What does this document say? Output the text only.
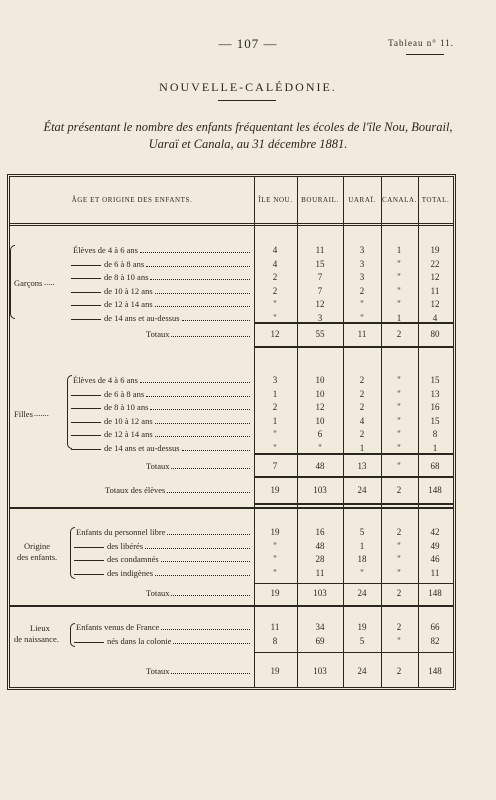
— 107 —	Tableau n° 11.
NOUVELLE-CALÉDONIE.
État présentant le nombre des enfants fréquentant les écoles de l'île Nou, Bourail,
Uaraï et Canala, au 31 décembre 1881.
ÂGE ET ORIGINE DES ENFANTS.	ÎLE NOU.	BOURAIL.	UARAÏ. CANALA. TOTAL.
Élèves de 4 à 6 ans	4	11	3	1	19
de 6 à 8 ans	4	15	3	"	22
de 8 à 10 ans	2	7	3	"	12
de 10 à 12 ans	2	7	2	"	11
de 12 à 14 ans	"	12	"	"	12
de 14 ans et au-dessus	"	3	"	1	4
Garçons .....
Totaux	12	55	11	2	80
Élèves de 4 à 6 ans	3	10	2	"	15
de 6 à 8 ans	1	10	2	"	13
de 8 à 10 ans	2	12	2	"	16
de 10 à 12 ans	1	10	4	"	15
de 12 à 14 ans	"	6	2	"	8
de 14 ans et au-dessus	"	"	1	"	1
Filles .......
Totaux	7	48	13	"	68
Totaux des élèves	19	103	24	2	148
Enfants du personnel libre	19	16	5	2	42
des libérés	"	48	1	"	49
des condamnés	"	28	18	"	46
des indigènes	"	11	"	"	11
Origine
des enfants.
Totaux	19	103	24	2	148
Enfants venus de France	11	34	19	2	66
nés dans la colonie	8	69	5	"	82
Lieux
de naissance.
Totaux	19	103	24	2	148
